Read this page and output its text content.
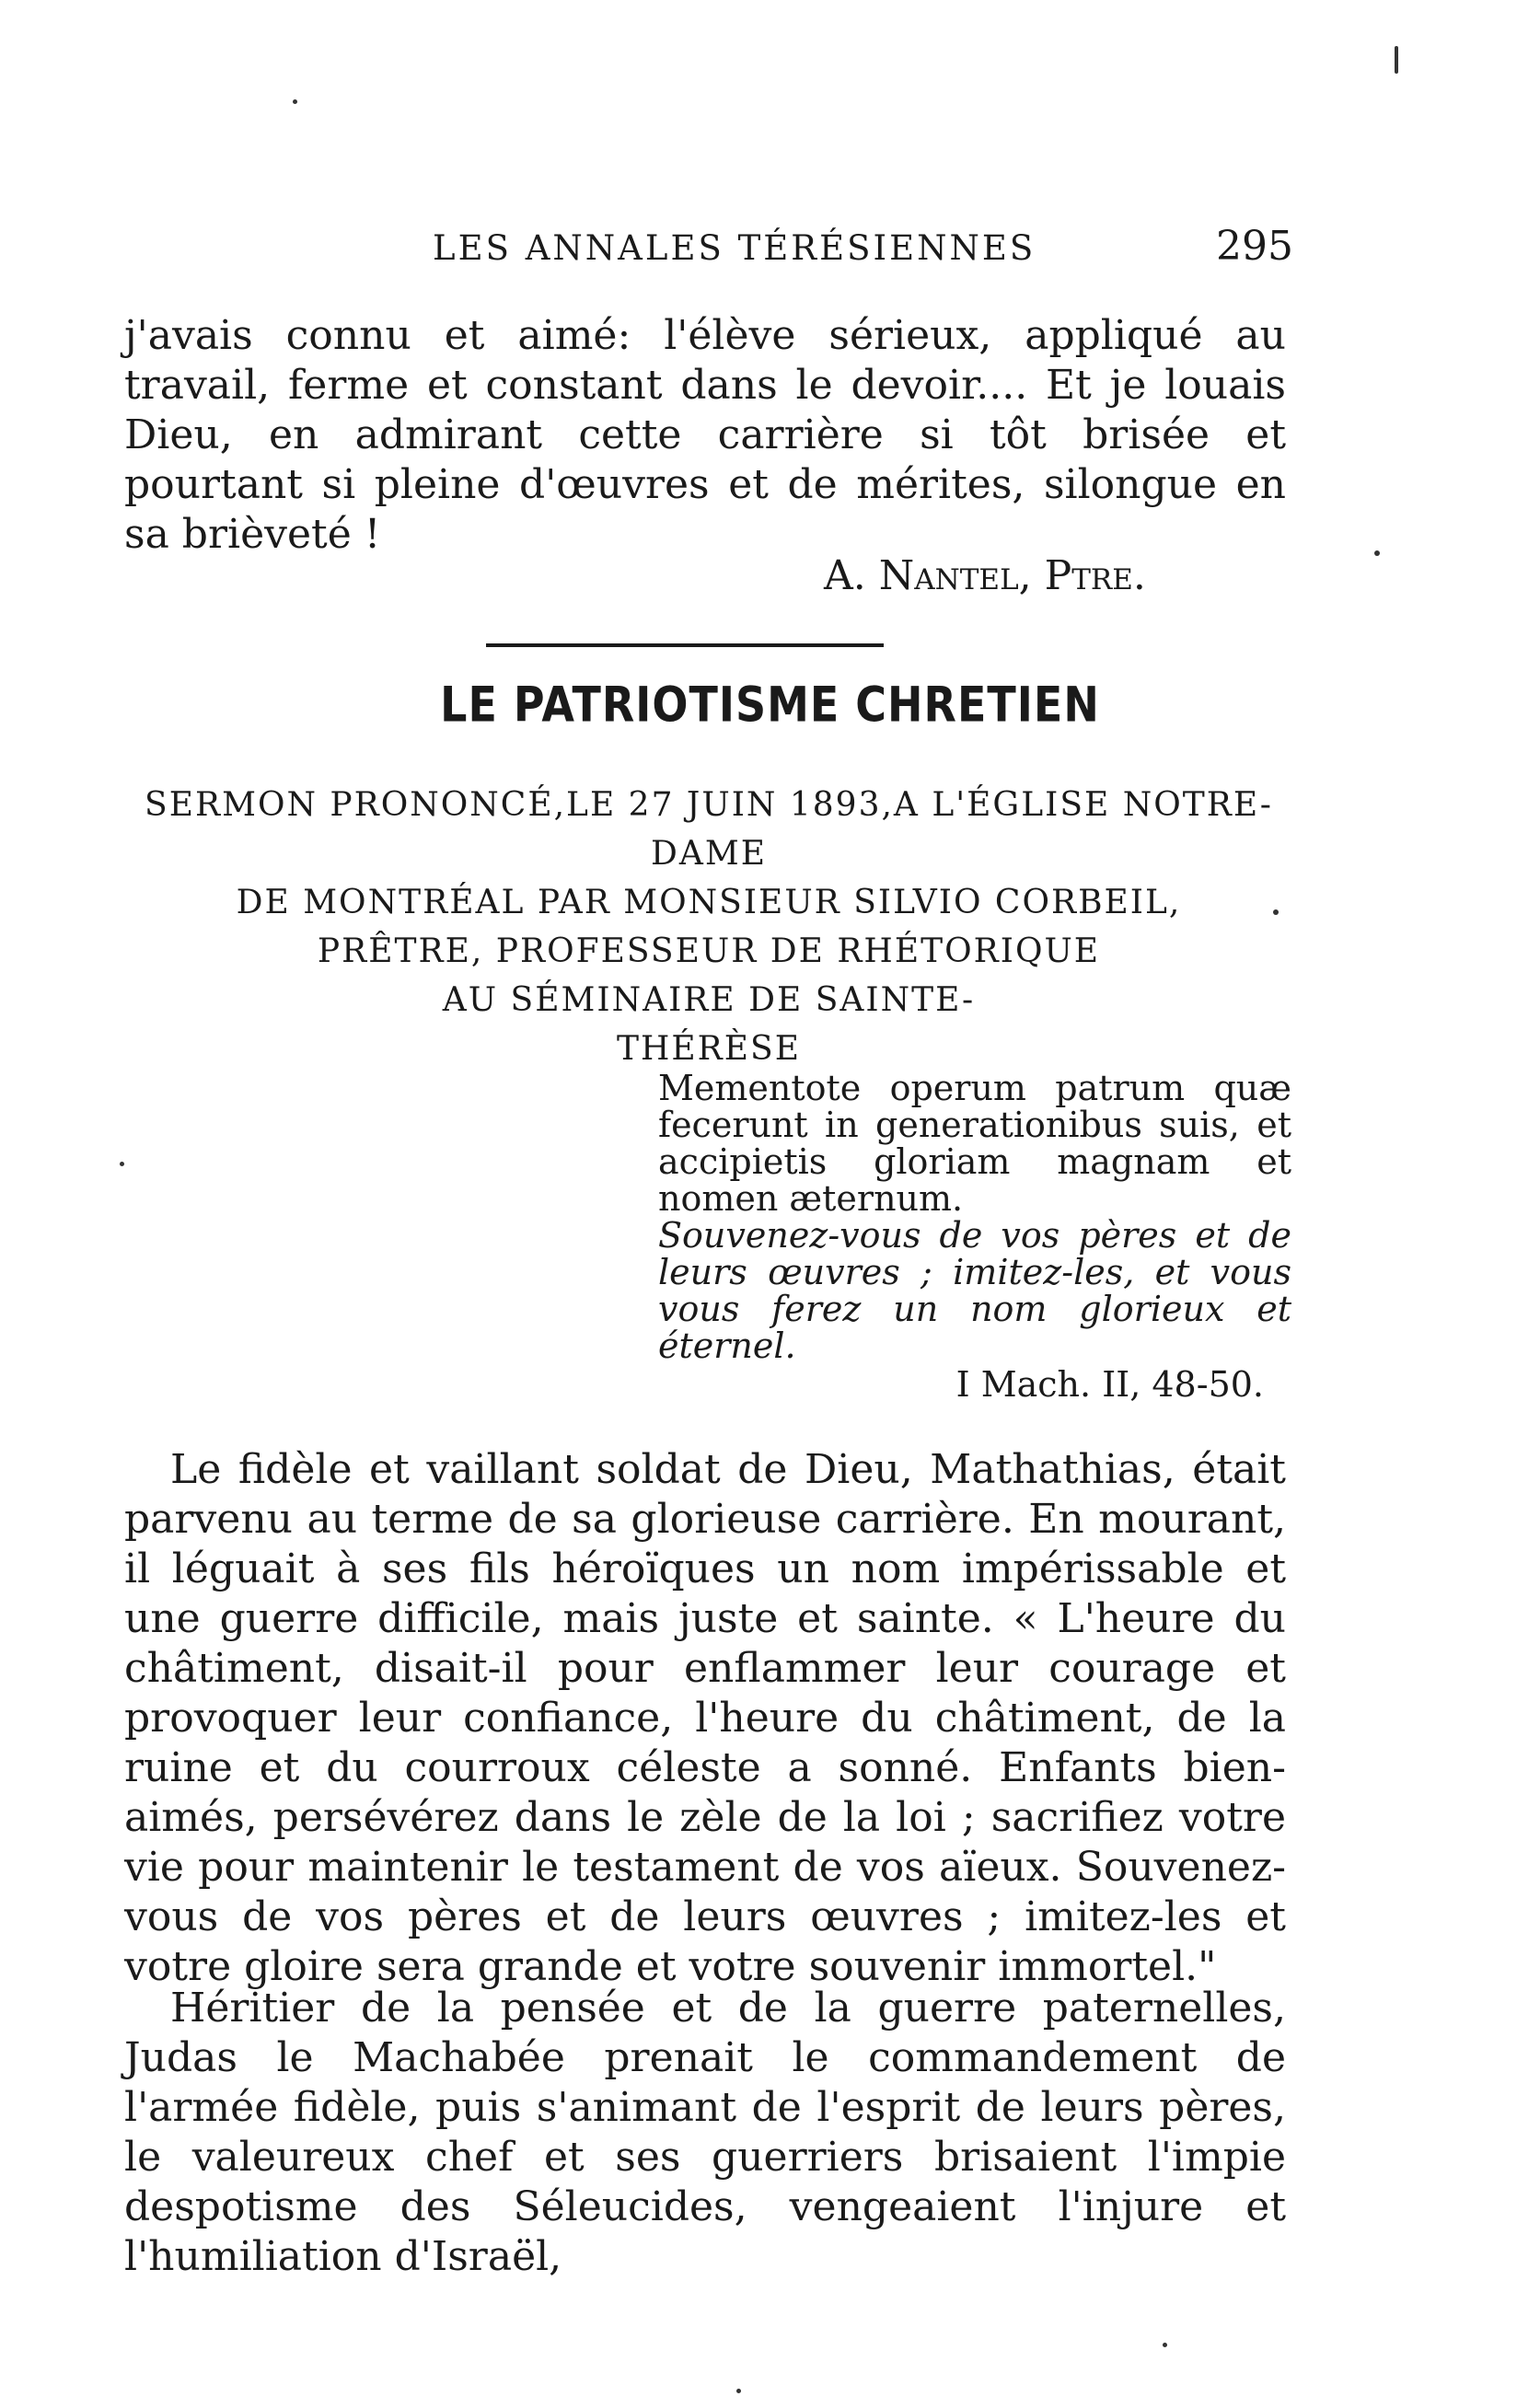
LES ANNALES TÉRÉSIENNES	295

j'avais connu et aimé: l'élève sérieux, appliqué au travail, ferme et constant dans le devoir.... Et je louais Dieu, en admirant cette carrière si tôt brisée et pourtant si pleine d'œuvres et de mérites, silongue en sa brièveté !

A. Nantel, Ptre.
LE PATRIOTISME CHRETIEN
SERMON PRONONCÉ,LE 27 JUIN 1893,A L'ÉGLISE NOTRE-DAME
DE MONTRÉAL PAR MONSIEUR SILVIO CORBEIL,
PRÊTRE, PROFESSEUR DE RHÉTORIQUE
AU SÉMINAIRE DE SAINTE-
THÉRÈSE

Mementote operum patrum quæ fecerunt in generationibus suis, et accipietis gloriam magnam et nomen æternum.

Souvenez-vous de vos pères et de leurs œuvres ; imitez-les, et vous vous ferez un nom glorieux et éternel.

I Mach. II, 48-50.

Le fidèle et vaillant soldat de Dieu, Mathathias, était parvenu au terme de sa glorieuse carrière. En mourant, il léguait à ses fils héroïques un nom impérissable et une guerre difficile, mais juste et sainte. « L'heure du châtiment, disait-il pour enflammer leur courage et provoquer leur confiance, l'heure du châtiment, de la ruine et du courroux céleste a sonné. Enfants bien-aimés, persévérez dans le zèle de la loi ; sacrifiez votre vie pour maintenir le testament de vos aïeux. Souvenez-vous de vos pères et de leurs œuvres ; imitez-les et votre gloire sera grande et votre souvenir immortel."

Héritier de la pensée et de la guerre paternelles, Judas le Machabée prenait le commandement de l'armée fidèle, puis s'animant de l'esprit de leurs pères, le valeureux chef et ses guerriers brisaient l'impie despotisme des Séleucides, vengeaient l'injure et l'humiliation d'Israël,
